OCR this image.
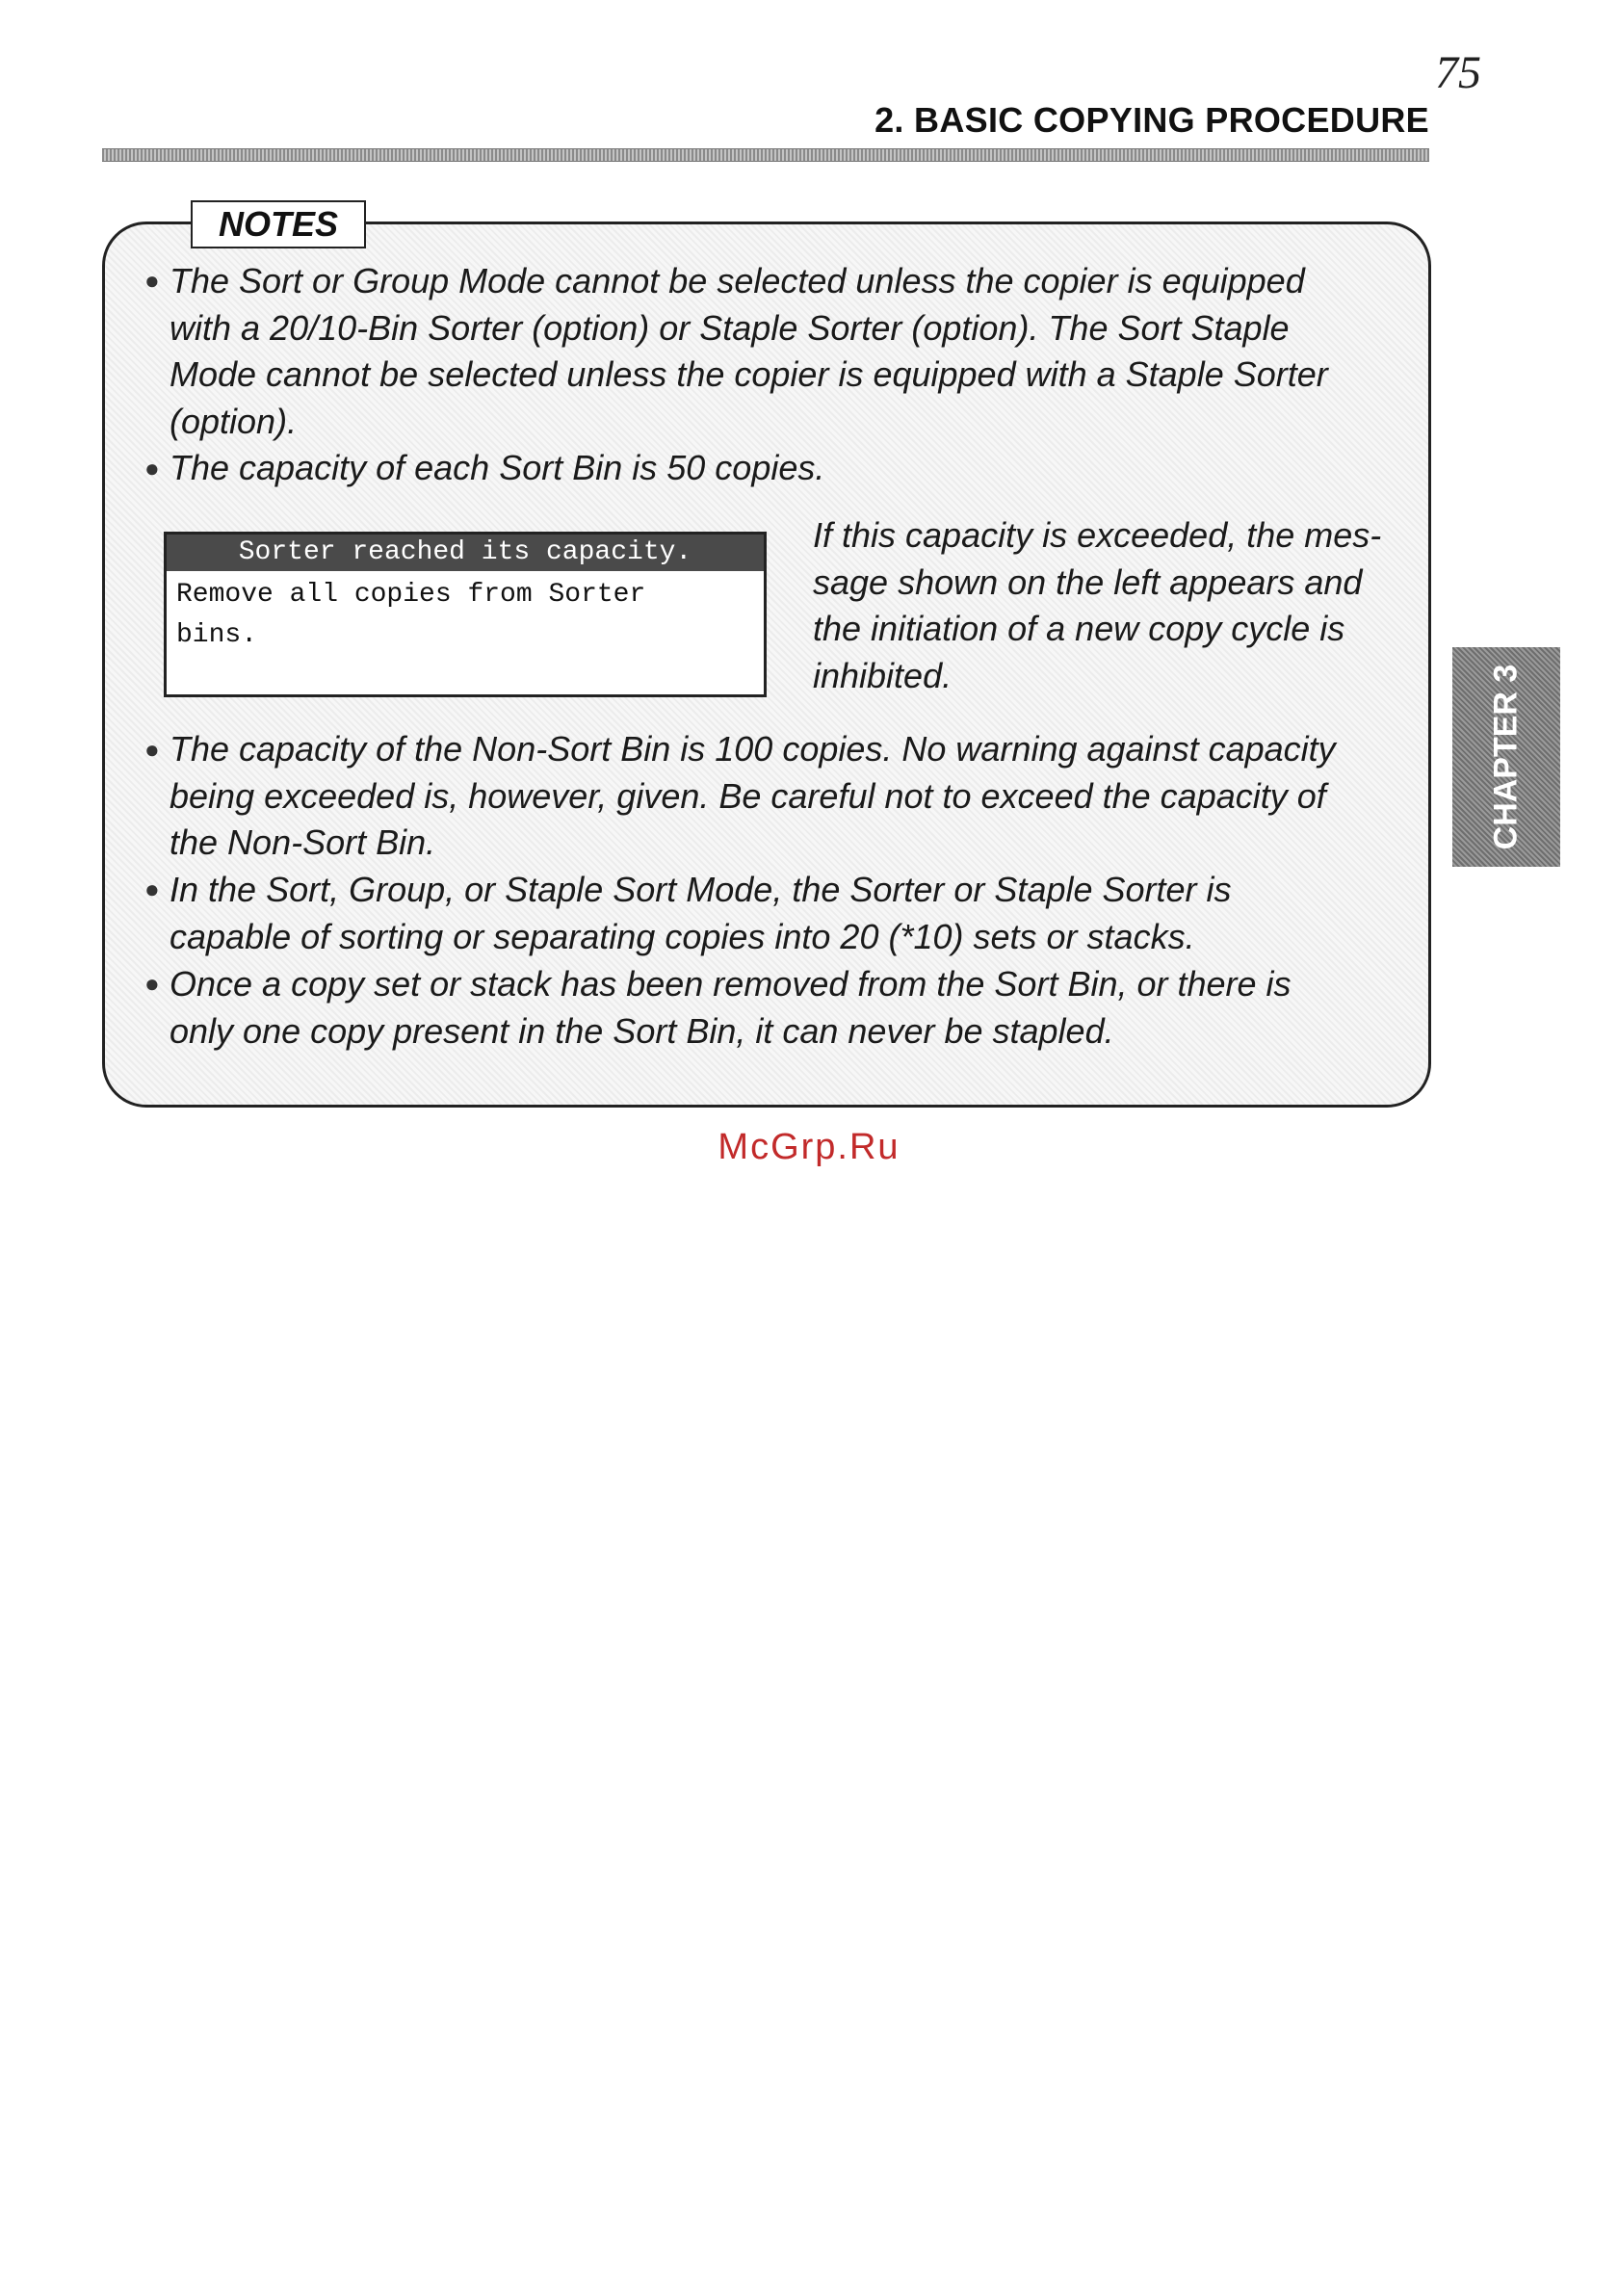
75
2. BASIC COPYING PROCEDURE
NOTES
● The Sort or Group Mode cannot be selected unless the copier is equipped
with a 20/10-Bin Sorter (option) or Staple Sorter (option). The Sort Staple
Mode cannot be selected unless the copier is equipped with a Staple Sorter
(option).
● The capacity of each Sort Bin is 50 copies.
Sorter reached its capacity.
Remove all copies from Sorter
bins.
If this capacity is exceeded, the mes-
sage shown on the left appears and
the initiation of a new copy cycle is
inhibited.
● The capacity of the Non-Sort Bin is 100 copies. No warning against capacity
being exceeded is, however, given. Be careful not to exceed the capacity of
the Non-Sort Bin.
● In the Sort, Group, or Staple Sort Mode, the Sorter or Staple Sorter is
capable of sorting or separating copies into 20 (*10) sets or stacks.
● Once a copy set or stack has been removed from the Sort Bin, or there is
only one copy present in the Sort Bin, it can never be stapled.
CHAPTER 3
McGrp.Ru
